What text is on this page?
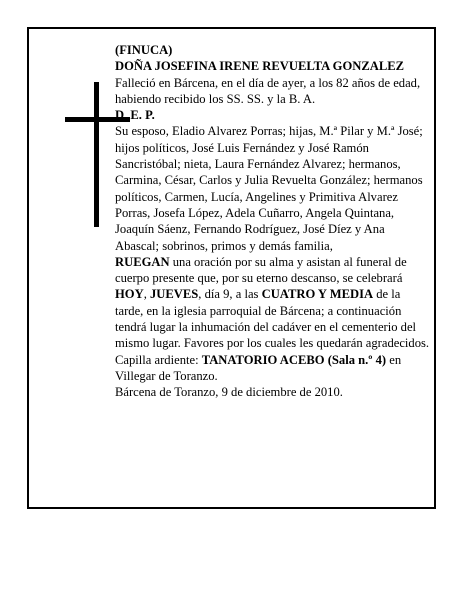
(FINUCA)

DOÑA JOSEFINA IRENE REVUELTA GONZALEZ

Falleció en Bárcena, en el día de ayer, a los 82 años de edad, habiendo recibido los SS. SS. y la B. A.

D. E. P.

Su esposo, Eladio Alvarez Porras; hijas, M.ª Pilar y M.ª José; hijos políticos, José Luis Fernández y José Ramón Sancristóbal; nieta, Laura Fernández Alvarez; hermanos, Carmina, César, Carlos y Julia Revuelta González; hermanos políticos, Carmen, Lucía, Angelines y Primitiva Alvarez Porras, Josefa López, Adela Cuñarro, Angela Quintana, Joaquín Sáenz, Fernando Rodríguez, José Díez y Ana Abascal; sobrinos, primos y demás familia,

RUEGAN una oración por su alma y asistan al funeral de cuerpo presente que, por su eterno descanso, se celebrará HOY, JUEVES, día 9, a las CUATRO Y MEDIA de la tarde, en la iglesia parroquial de Bárcena; a continuación tendrá lugar la inhumación del cadáver en el cementerio del mismo lugar. Favores por los cuales les quedarán agradecidos.

Capilla ardiente: TANATORIO ACEBO (Sala n.º 4) en Villegar de Toranzo.

Bárcena de Toranzo, 9 de diciembre de 2010.
